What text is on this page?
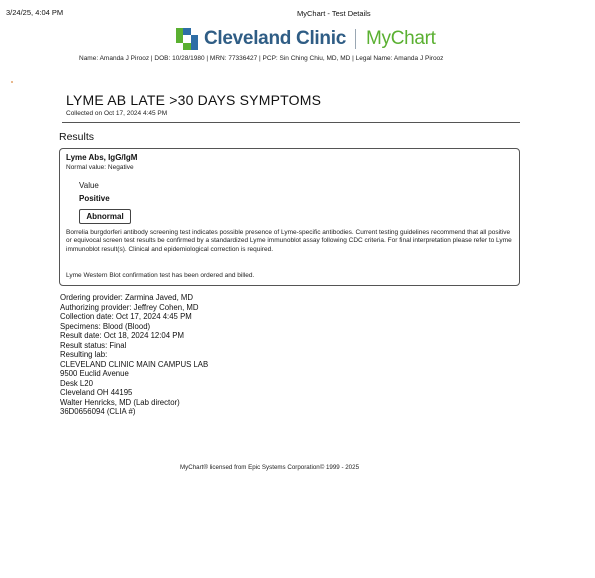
3/24/25, 4:04 PM	MyChart - Test Details
Cleveland Clinic MyChart
Name: Amanda J Pirooz | DOB: 10/28/1980 | MRN: 77336427 | PCP: Sin Ching Chiu, MD, MD | Legal Name: Amanda J Pirooz
LYME AB LATE >30 DAYS SYMPTOMS
Collected on Oct 17, 2024 4:45 PM
Results
Lyme Abs, IgG/IgM
Normal value: Negative
Value
Positive
Abnormal
Borrelia burgdorferi antibody screening test indicates possible presence of Lyme-specific antibodies. Current testing guidelines recommend that all positive or equivocal screen test results be confirmed by a standardized Lyme immunoblot assay following CDC criteria. For final interpretation please refer to Lyme immunoblot result(s). Clinical and epidemiological correction is required.
Lyme Western Blot confirmation test has been ordered and billed.
Ordering provider: Zarmina Javed, MD
Authorizing provider: Jeffrey Cohen, MD
Collection date: Oct 17, 2024 4:45 PM
Specimens: Blood (Blood)
Result date: Oct 18, 2024 12:04 PM
Result status: Final
Resulting lab:
CLEVELAND CLINIC MAIN CAMPUS LAB
9500 Euclid Avenue
Desk L20
Cleveland OH 44195
Walter Henricks, MD (Lab director)
36D0656094 (CLIA #)
MyChart® licensed from Epic Systems Corporation© 1999 - 2025
